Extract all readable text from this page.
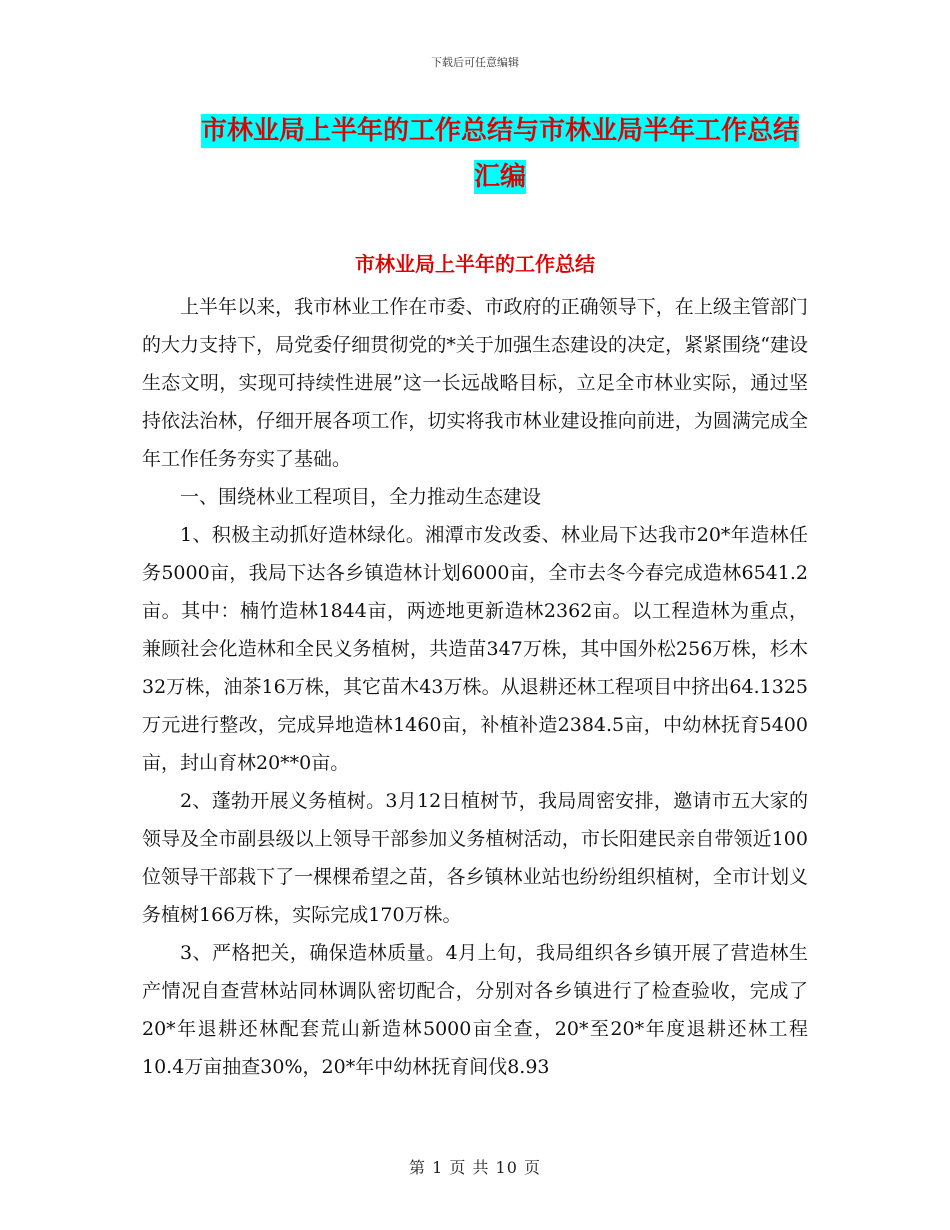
下载后可任意编辑
市林业局上半年的工作总结与市林业局半年工作总结
汇编
市林业局上半年的工作总结

上半年以来，我市林业工作在市委、市政府的正确领导下，在上级主管部门的大力支持下，局党委仔细贯彻党的*关于加强生态建设的决定，紧紧围绕“建设生态文明，实现可持续性进展”这一长远战略目标，立足全市林业实际，通过坚持依法治林，仔细开展各项工作，切实将我市林业建设推向前进，为圆满完成全年工作任务夯实了基础。

一、围绕林业工程项目，全力推动生态建设

1、积极主动抓好造林绿化。湘潭市发改委、林业局下达我市20*年造林任务5000亩，我局下达各乡镇造林计划6000亩，全市去冬今春完成造林6541.2亩。其中：楠竹造林1844亩，两迹地更新造林2362亩。以工程造林为重点，兼顾社会化造林和全民义务植树，共造苗347万株，其中国外松256万株，杉木32万株，油茶16万株，其它苗木43万株。从退耕还林工程项目中挤出64.1325万元进行整改，完成异地造林1460亩，补植补造2384.5亩，中幼林抚育5400亩，封山育林20**0亩。

2、蓬勃开展义务植树。3月12日植树节，我局周密安排，邀请市五大家的领导及全市副县级以上领导干部参加义务植树活动，市长阳建民亲自带领近100位领导干部栽下了一棵棵希望之苗，各乡镇林业站也纷纷组织植树，全市计划义务植树166万株，实际完成170万株。

3、严格把关，确保造林质量。4月上旬，我局组织各乡镇开展了营造林生产情况自查营林站同林调队密切配合，分别对各乡镇进行了检查验收，完成了20*年退耕还林配套荒山新造林5000亩全查，20*至20*年度退耕还林工程10.4万亩抽查30%，20*年中幼林抚育间伐8.93

第 1 页 共 10 页
